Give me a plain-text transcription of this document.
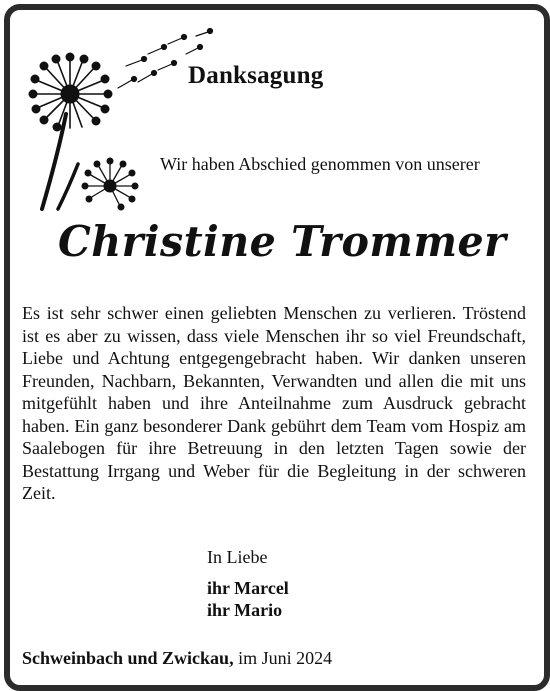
Danksagung
Wir haben Abschied genommen von unserer
Christine Trommer

Es ist sehr schwer einen geliebten Menschen zu verlieren. Tröstend ist es aber zu wissen, dass viele Menschen ihr so viel Freundschaft, Liebe und Achtung entgegengebracht haben. Wir danken unseren Freunden, Nachbarn, Bekannten, Verwandten und allen die mit uns mitgefühlt haben und ihre Anteilnahme zum Ausdruck gebracht haben. Ein ganz besonderer Dank gebührt dem Team vom Hospiz am Saalebogen für ihre Betreuung in den letzten Tagen sowie der Bestattung Irrgang und Weber für die Begleitung in der schweren Zeit.

In Liebe
ihr Marcel
ihr Mario
Schweinbach und Zwickau, im Juni 2024
